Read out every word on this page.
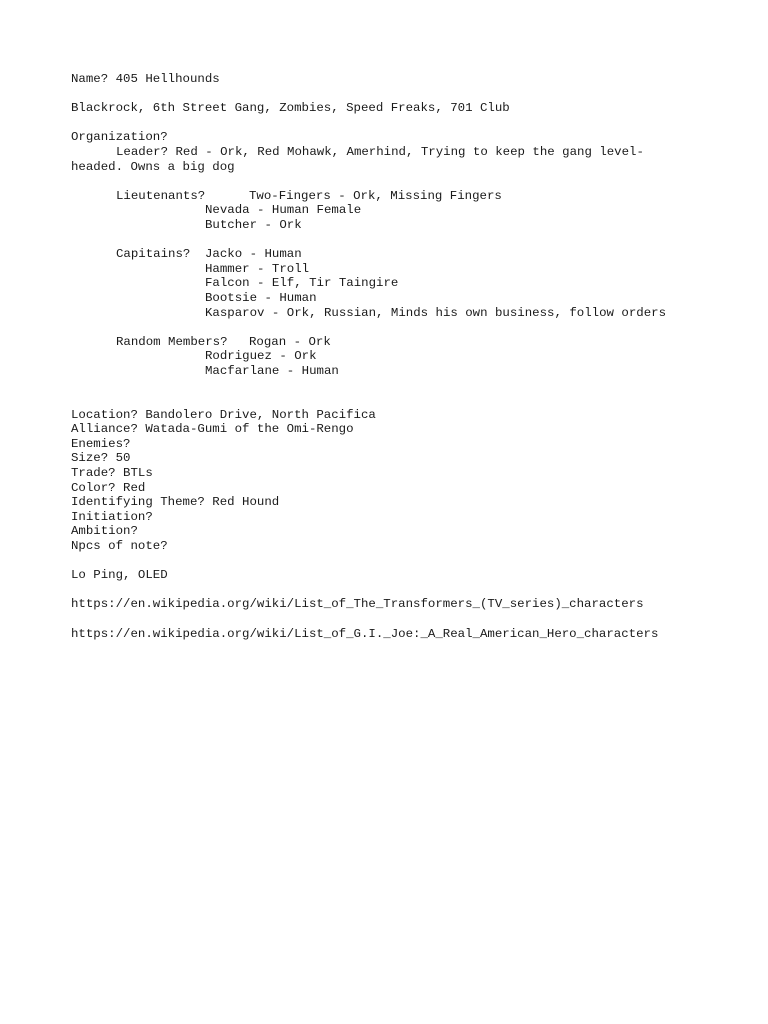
Name? 405 Hellhounds
Blackrock, 6th Street Gang, Zombies, Speed Freaks, 701 Club
Organization?
Leader? Red - Ork, Red Mohawk, Amerhind, Trying to keep the gang level-
headed. Owns a big dog
Lieutenants?	Two-Fingers - Ork, Missing Fingers
Nevada - Human Female
Butcher - Ork
Capitains?	Jacko - Human
Hammer - Troll
Falcon - Elf, Tir Taingire
Bootsie - Human
Kasparov - Ork, Russian, Minds his own business, follow orders
Random Members?	Rogan - Ork
Rodriguez - Ork
Macfarlane - Human
Location? Bandolero Drive, North Pacifica
Alliance? Watada-Gumi of the Omi-Rengo
Enemies?
Size? 50
Trade? BTLs
Color? Red
Identifying Theme? Red Hound
Initiation?
Ambition?
Npcs of note?
Lo Ping, OLED
https://en.wikipedia.org/wiki/List_of_The_Transformers_(TV_series)_characters
https://en.wikipedia.org/wiki/List_of_G.I._Joe:_A_Real_American_Hero_characters
